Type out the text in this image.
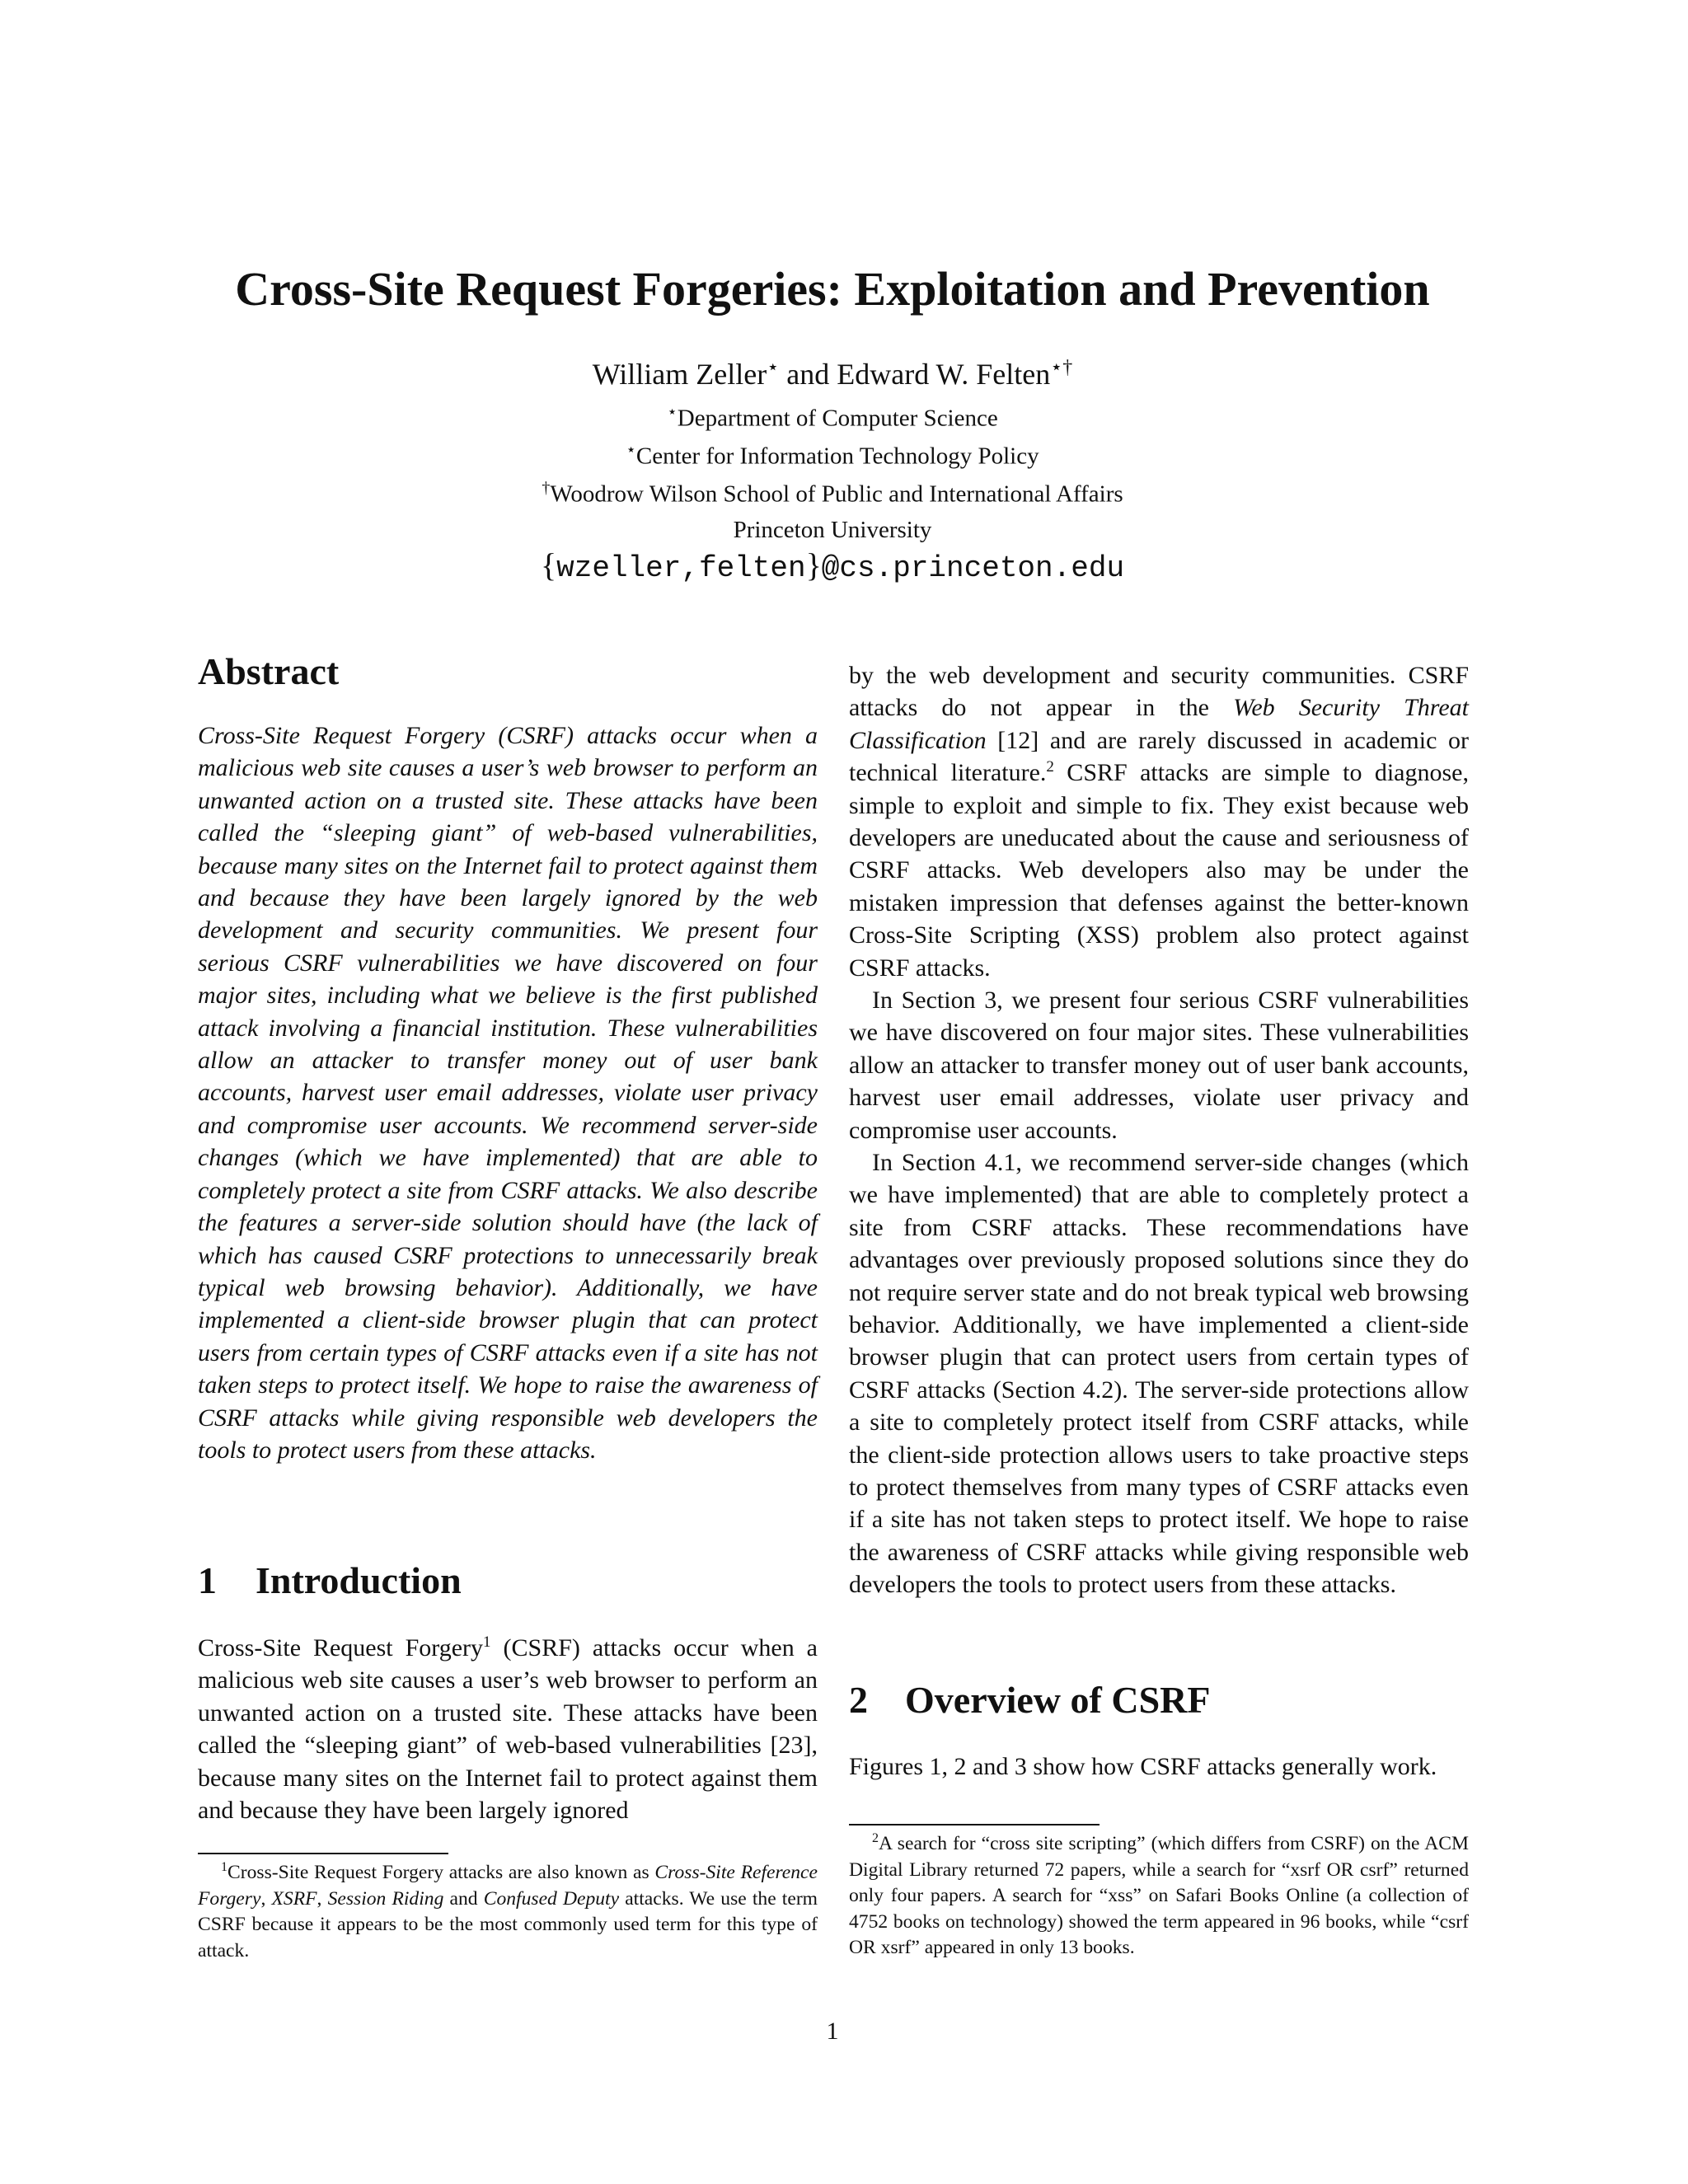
Cross-Site Request Forgeries: Exploitation and Prevention
William Zeller⋆ and Edward W. Felten⋆†
⋆Department of Computer Science
⋆Center for Information Technology Policy
†Woodrow Wilson School of Public and International Affairs
Princeton University
{wzeller,felten}@cs.princeton.edu
Abstract

Cross-Site Request Forgery (CSRF) attacks occur when a malicious web site causes a user’s web browser to perform an unwanted action on a trusted site. These attacks have been called the “sleeping giant” of web-based vulnerabilities, because many sites on the Internet fail to protect against them and because they have been largely ignored by the web development and security communities. We present four serious CSRF vulnerabilities we have discovered on four major sites, including what we believe is the first published attack involving a financial institution. These vulnerabilities allow an attacker to transfer money out of user bank accounts, harvest user email addresses, violate user privacy and compromise user accounts. We recommend server-side changes (which we have implemented) that are able to completely protect a site from CSRF attacks. We also describe the features a server-side solution should have (the lack of which has caused CSRF protections to unnecessarily break typical web browsing behavior). Additionally, we have implemented a client-side browser plugin that can protect users from certain types of CSRF attacks even if a site has not taken steps to protect itself. We hope to raise the awareness of CSRF attacks while giving responsible web developers the tools to protect users from these attacks.

1 Introduction

Cross-Site Request Forgery$^1$ (CSRF) attacks occur when a malicious web site causes a user’s web browser to perform an unwanted action on a trusted site. These attacks have been called the “sleeping giant” of web-based vulnerabilities [23], because many sites on the Internet fail to protect against them and because they have been largely ignored

$^1$Cross-Site Request Forgery attacks are also known as Cross-Site Reference Forgery, XSRF, Session Riding and Confused Deputy attacks. We use the term CSRF because it appears to be the most commonly used term for this type of attack.

by the web development and security communities. CSRF attacks do not appear in the Web Security Threat Classification [12] and are rarely discussed in academic or technical literature.$^2$ CSRF attacks are simple to diagnose, simple to exploit and simple to fix. They exist because web developers are uneducated about the cause and seriousness of CSRF attacks. Web developers also may be under the mistaken impression that defenses against the better-known Cross-Site Scripting (XSS) problem also protect against CSRF attacks.

In Section 3, we present four serious CSRF vulnerabilities we have discovered on four major sites. These vulnerabilities allow an attacker to transfer money out of user bank accounts, harvest user email addresses, violate user privacy and compromise user accounts.

In Section 4.1, we recommend server-side changes (which we have implemented) that are able to completely protect a site from CSRF attacks. These recommendations have advantages over previously proposed solutions since they do not require server state and do not break typical web browsing behavior. Additionally, we have implemented a client-side browser plugin that can protect users from certain types of CSRF attacks (Section 4.2). The server-side protections allow a site to completely protect itself from CSRF attacks, while the client-side protection allows users to take proactive steps to protect themselves from many types of CSRF attacks even if a site has not taken steps to protect itself. We hope to raise the awareness of CSRF attacks while giving responsible web developers the tools to protect users from these attacks.

2 Overview of CSRF

Figures 1, 2 and 3 show how CSRF attacks generally work.

$^2$A search for “cross site scripting” (which differs from CSRF) on the ACM Digital Library returned 72 papers, while a search for “xsrf OR csrf” returned only four papers. A search for “xss” on Safari Books Online (a collection of 4752 books on technology) showed the term appeared in 96 books, while “csrf OR xsrf” appeared in only 13 books.

1
